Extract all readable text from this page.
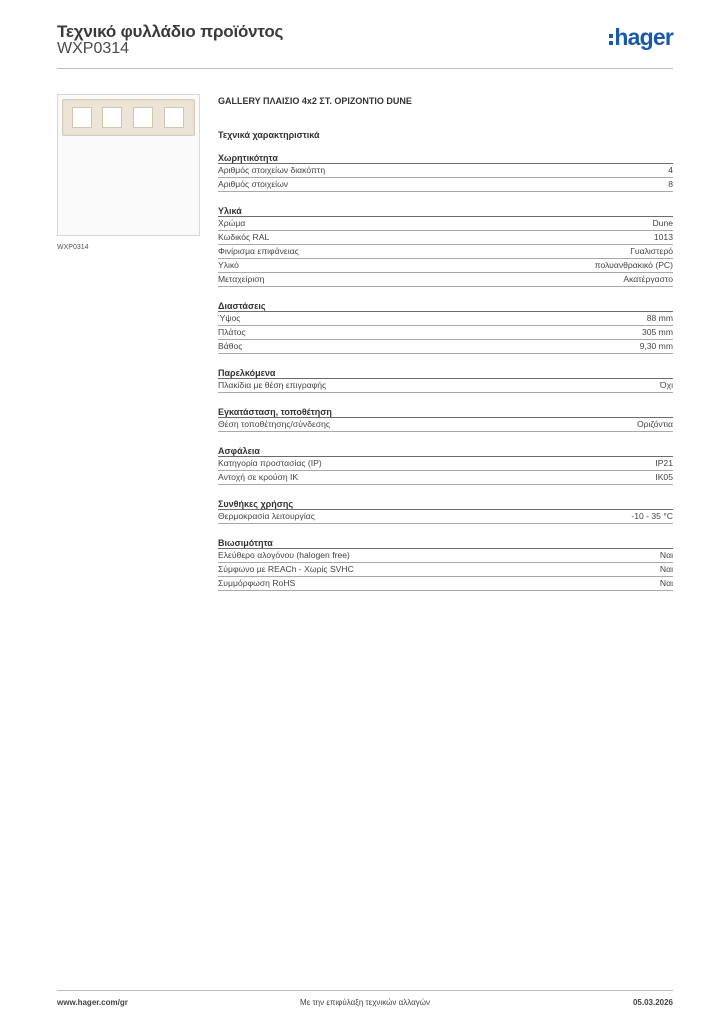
Τεχνικό φυλλάδιο προϊόντος
WXP0314	hager
WXP0314
GALLERY ΠΛΑΙΣΙΟ 4x2 ΣΤ. ΟΡΙΖΟΝΤΙΟ DUNE
Τεχνικά χαρακτηριστικά
Χωρητικότητα
Αριθμός στοιχείων διακόπτη	4
Αριθμός στοιχείων	8
Υλικά
Χρώμα	Dune
Κωδικός RAL	1013
Φινίρισμα επιφάνειας	Γυαλιστερό
Υλικό	πολυανθρακικό (PC)
Μεταχείριση	Ακατέργαστο
Διαστάσεις
Ύψος	88 mm
Πλάτος	305 mm
Βάθος	9,30 mm
Παρελκόμενα
Πλακίδια με θέση επιγραφής	Όχι
Εγκατάσταση, τοποθέτηση
Θέση τοποθέτησης/σύνδεσης	Οριζόντια
Ασφάλεια
Κατηγορία προστασίας (IP)	IP21
Αντοχή σε κρούση IK	IK05
Συνθήκες χρήσης
Θερμοκρασία λειτουργίας	-10 - 35 °C
Βιωσιμότητα
Ελεύθερο αλογόνου (halogen free)	Ναι
Σύμφωνο με REACh - Χωρίς SVHC	Ναι
Συμμόρφωση RoHS	Ναι
www.hager.com/gr	Με την επιφύλαξη τεχνικών αλλαγών	05.03.2026
